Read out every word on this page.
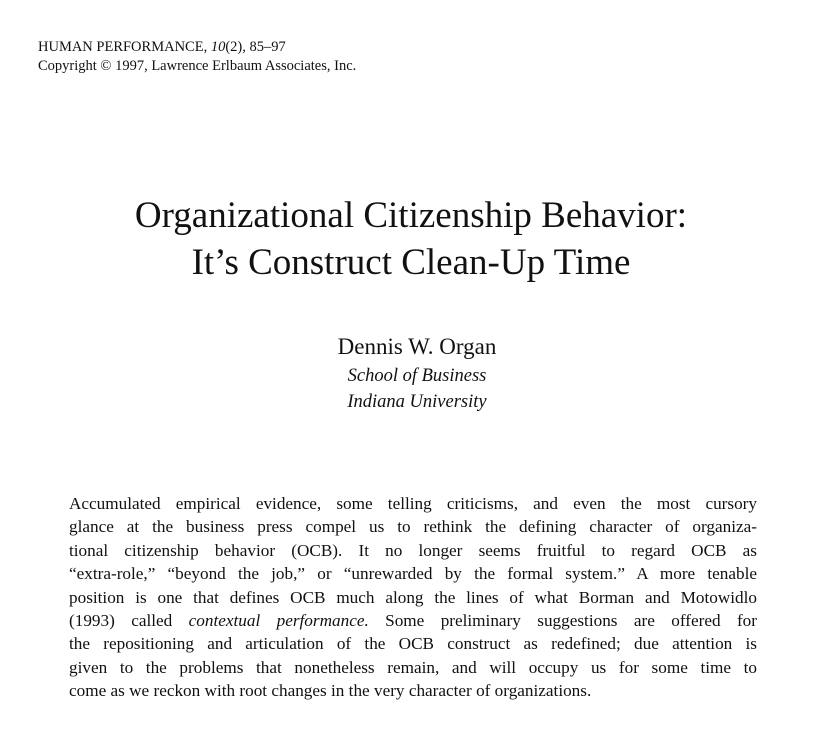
HUMAN PERFORMANCE, 10(2), 85–97
Copyright © 1997, Lawrence Erlbaum Associates, Inc.
Organizational Citizenship Behavior:
It’s Construct Clean-Up Time
Dennis W. Organ
School of Business
Indiana University
Accumulated empirical evidence, some telling criticisms, and even the most cursory
glance at the business press compel us to rethink the defining character of organiza-
tional citizenship behavior (OCB). It no longer seems fruitful to regard OCB as
“extra-role,” “beyond the job,” or “unrewarded by the formal system.” A more tenable
position is one that defines OCB much along the lines of what Borman and Motowidlo
(1993) called contextual performance. Some preliminary suggestions are offered for
the repositioning and articulation of the OCB construct as redefined; due attention is
given to the problems that nonetheless remain, and will occupy us for some time to
come as we reckon with root changes in the very character of organizations.
